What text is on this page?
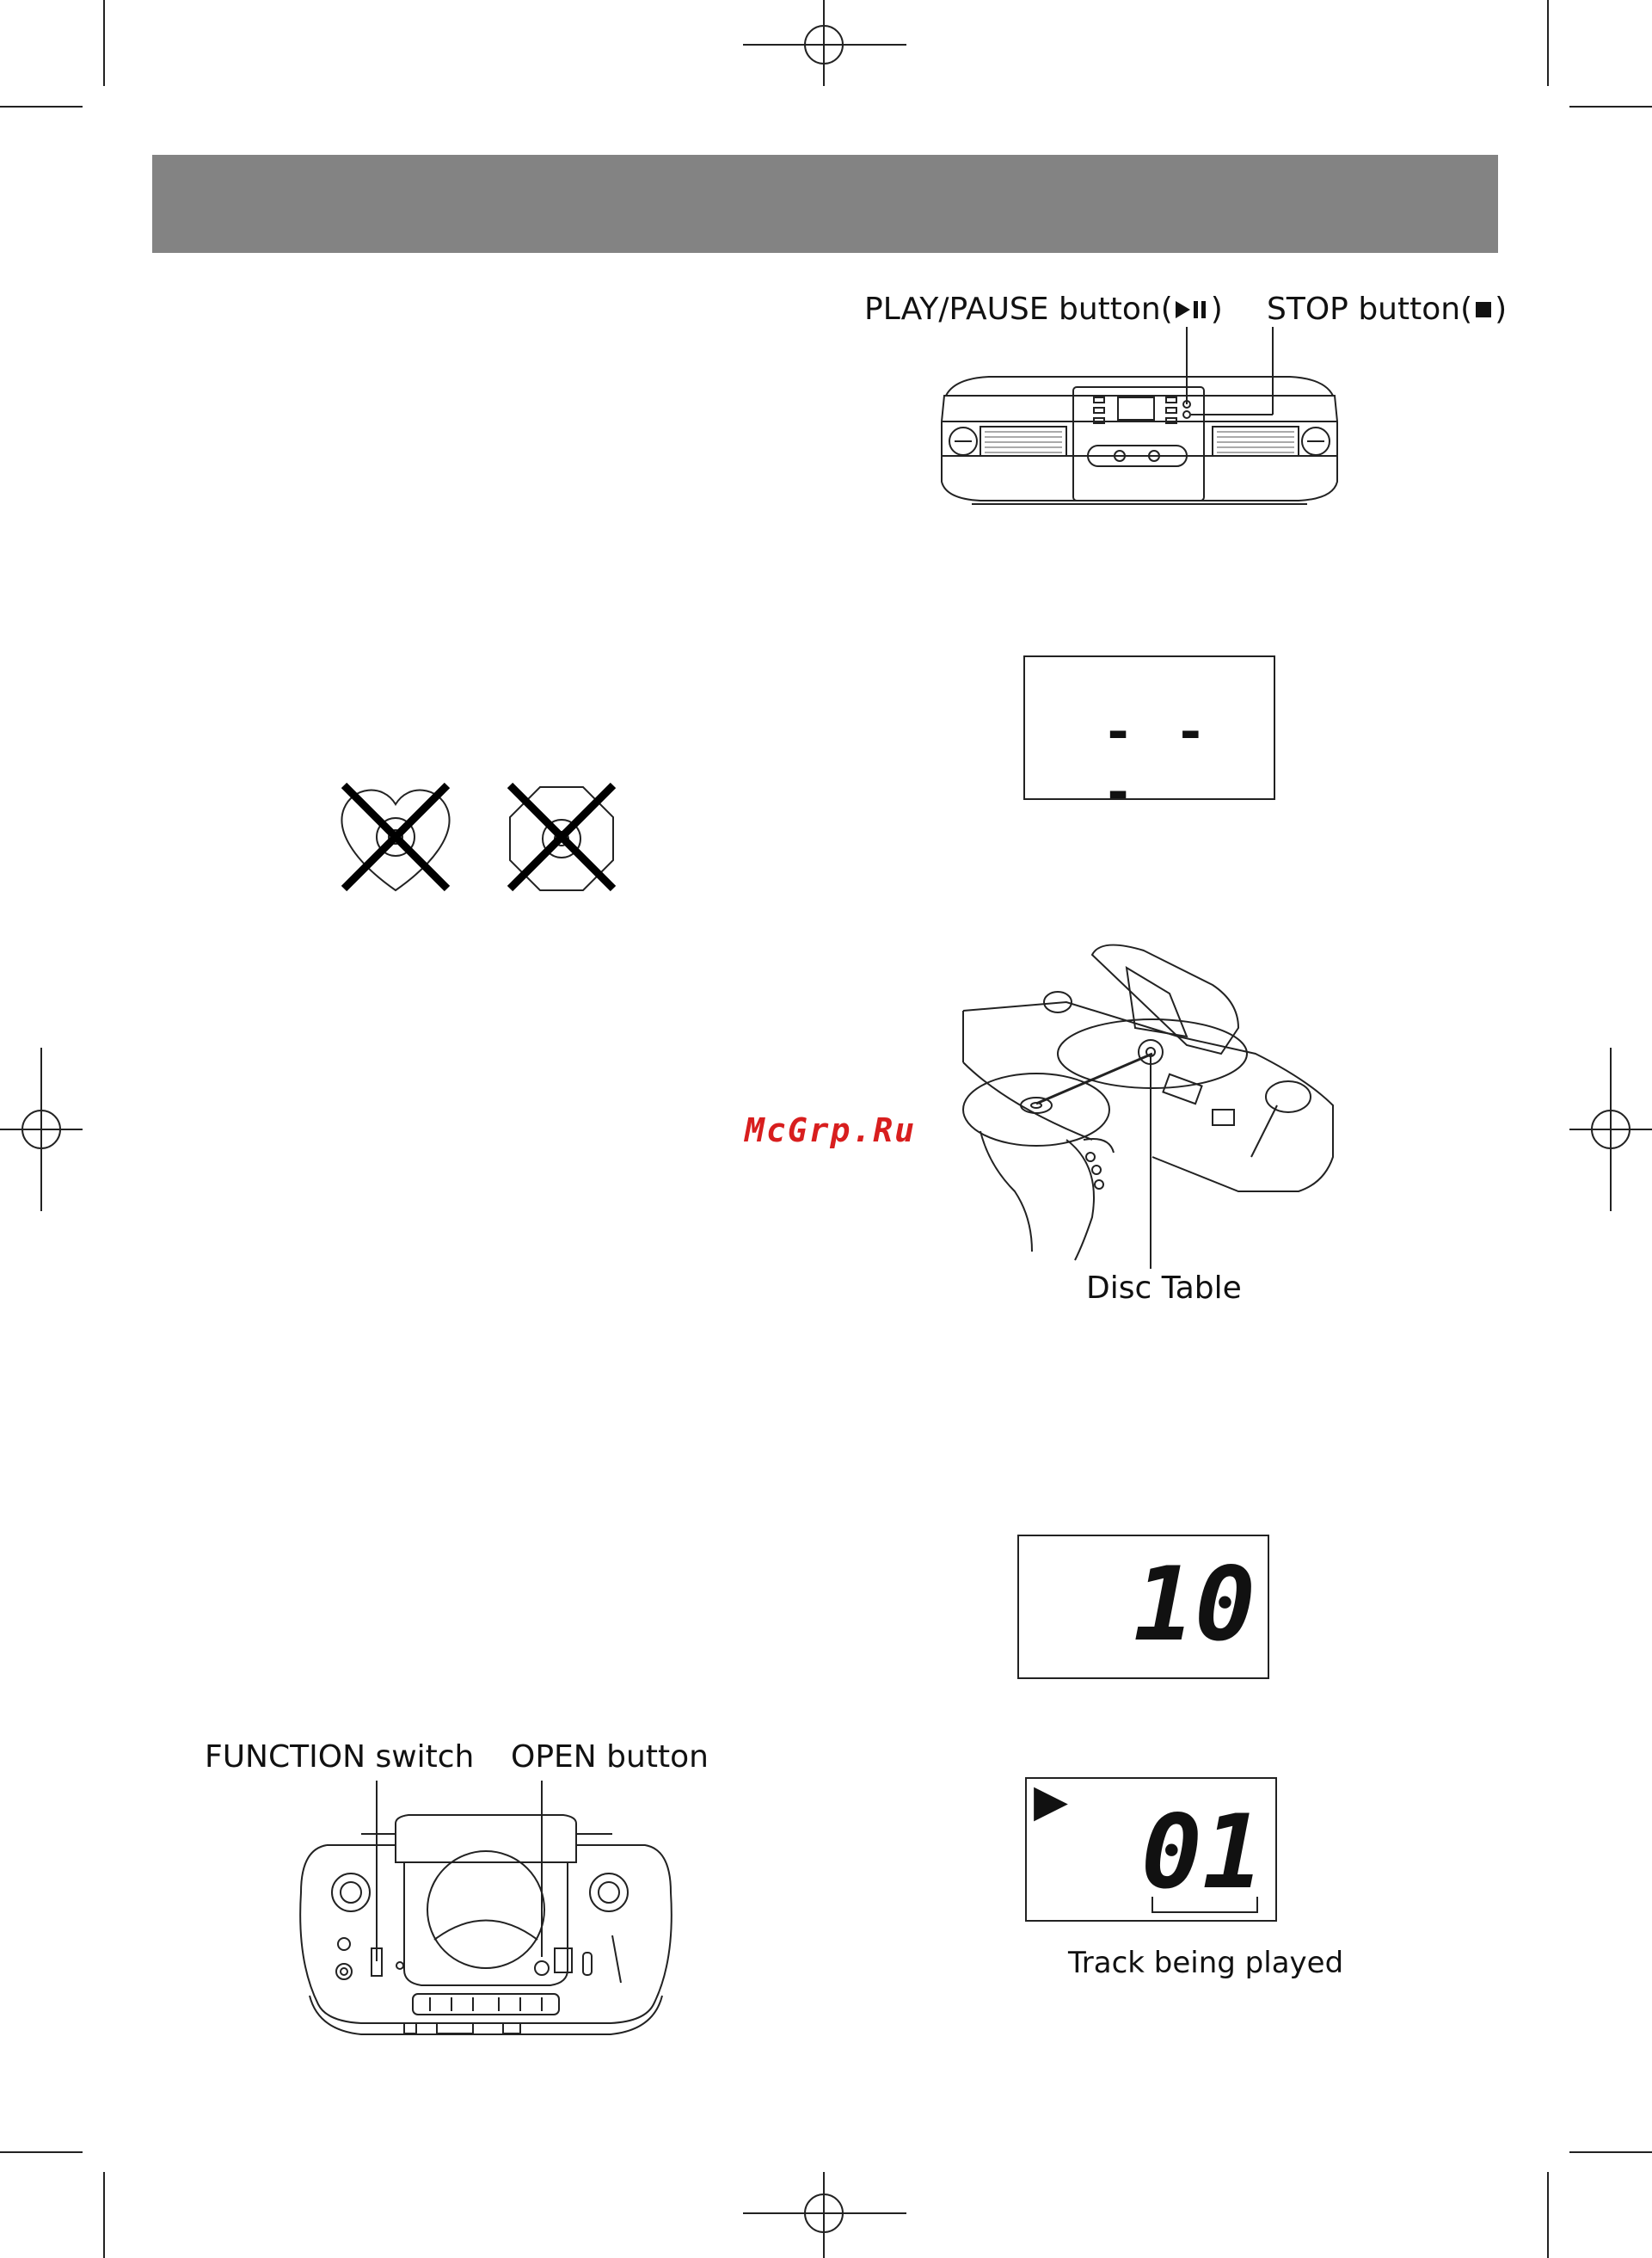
PLAY/PAUSE button( ) STOP button( )
- - -
McGrp.Ru
Disc Table
10
▶ 01
Track being played
FUNCTION switch OPEN button
